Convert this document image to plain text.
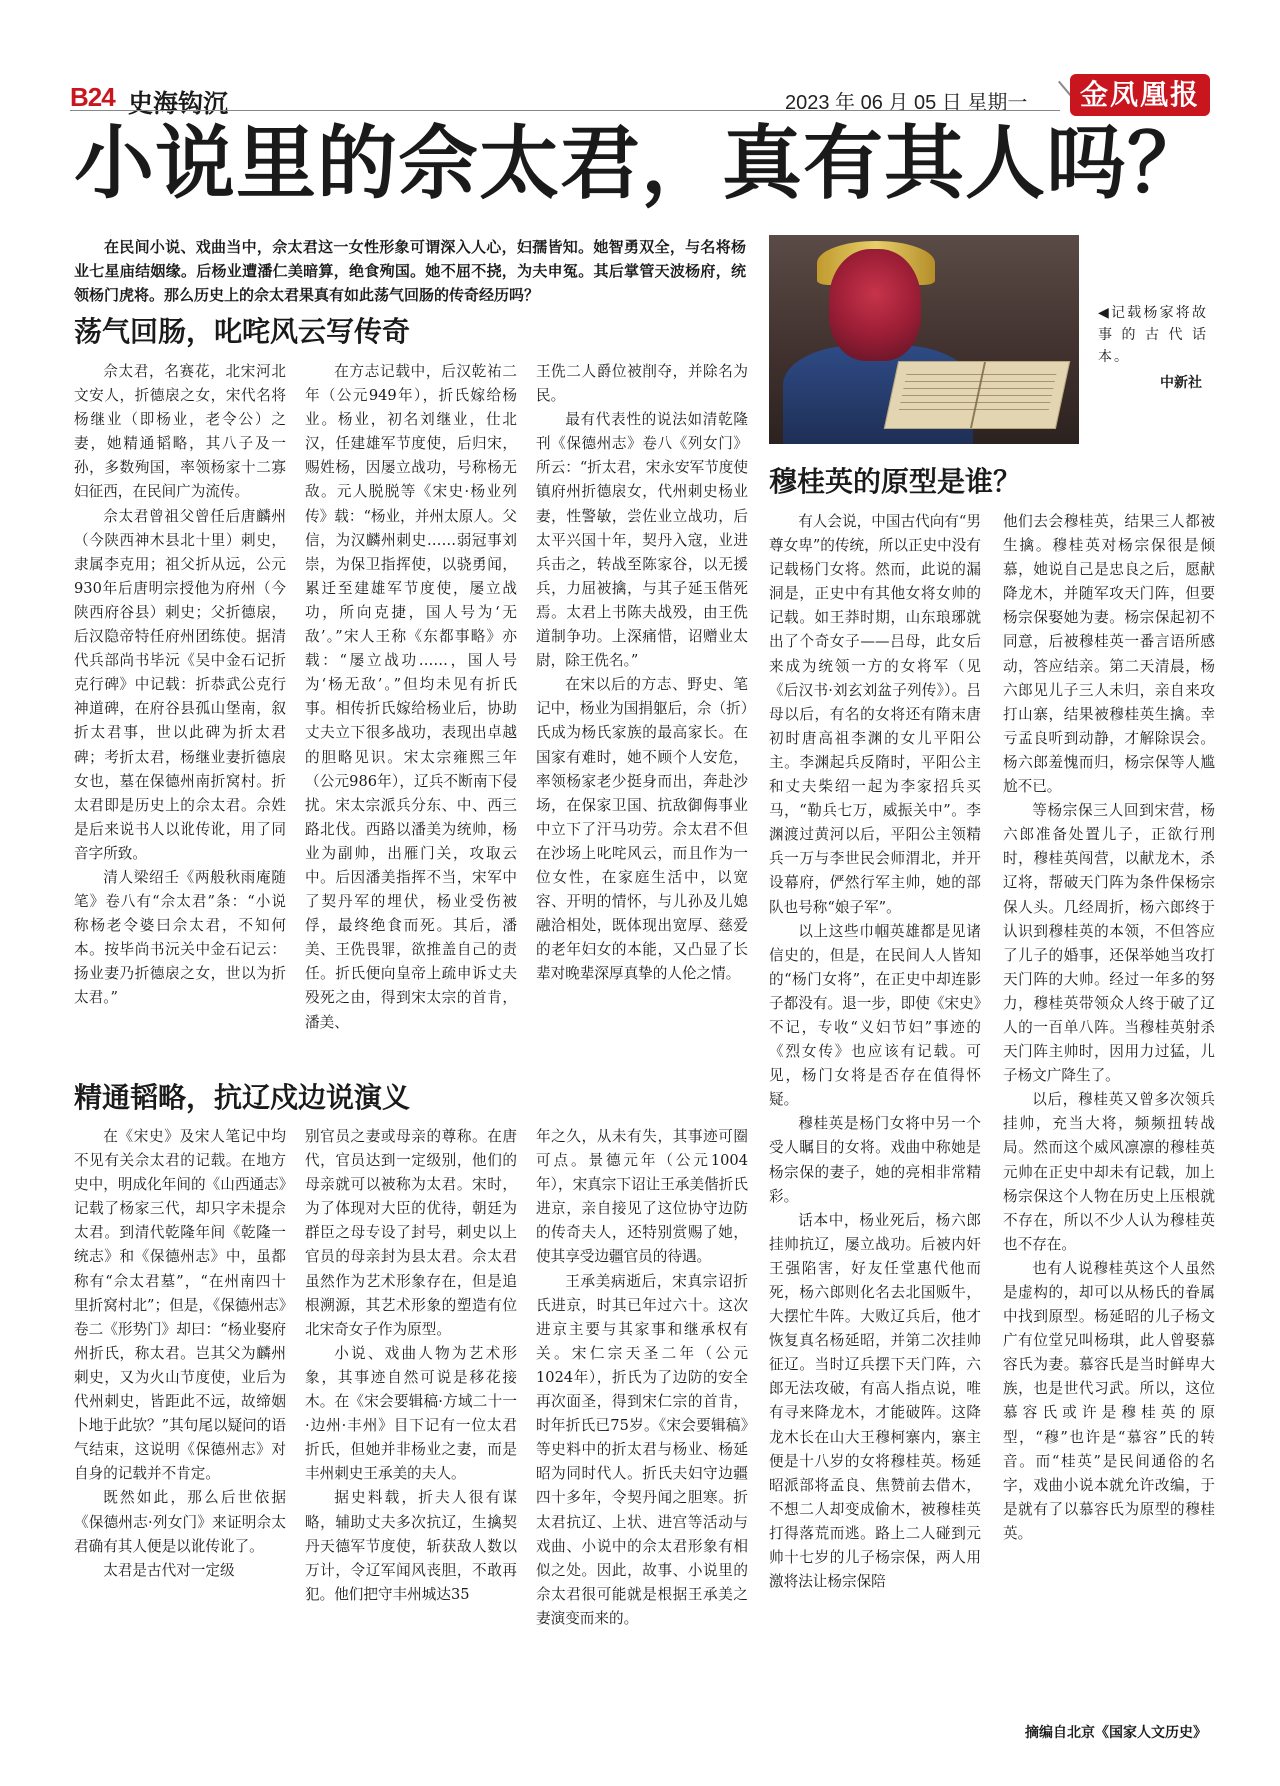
B24 史海钩沉	2023 年 06 月 05 日 星期一	金凤凰报
小说里的佘太君，真有其人吗？
在民间小说、戏曲当中，佘太君这一女性形象可谓深入人心，妇孺皆知。她智勇双全，与名将杨业七星庙结姻缘。后杨业遭潘仁美暗算，绝食殉国。她不屈不挠，为夫申冤。其后掌管天波杨府，统领杨门虎将。那么历史上的佘太君果真有如此荡气回肠的传奇经历吗？
荡气回肠，叱咤风云写传奇

佘太君，名赛花，北宋河北文安人，折德扆之女，宋代名将杨继业（即杨业，老令公）之妻，她精通韬略，其八子及一孙，多数殉国，率领杨家十二寡妇征西，在民间广为流传。

佘太君曾祖父曾任后唐麟州（今陕西神木县北十里）刺史，隶属李克用；祖父折从远，公元930年后唐明宗授他为府州（今陕西府谷县）刺史；父折德扆，后汉隐帝特任府州团练使。据清代兵部尚书毕沅《吴中金石记折克行碑》中记载：折恭武公克行神道碑，在府谷县孤山堡南，叙折太君事，世以此碑为折太君碑；考折太君，杨继业妻折德扆女也，墓在保德州南折窝村。折太君即是历史上的佘太君。佘姓是后来说书人以讹传讹，用了同音字所致。

清人梁绍壬《两般秋雨庵随笔》卷八有“佘太君”条：“小说称杨老令婆曰佘太君，不知何本。按毕尚书沅关中金石记云：扬业妻乃折德扆之女，世以为折太君。”

在方志记载中，后汉乾祐二年（公元949年），折氏嫁给杨业。杨业，初名刘继业，仕北汉，任建雄军节度使，后归宋，赐姓杨，因屡立战功，号称杨无敌。元人脱脱等《宋史·杨业列传》载：“杨业，并州太原人。父信，为汉麟州刺史……弱冠事刘崇，为保卫指挥使，以骁勇闻，累迁至建雄军节度使，屡立战功，所向克捷，国人号为‘无敌’。”宋人王称《东都事略》亦载：“屡立战功……，国人号为‘杨无敌’。”但均未见有折氏事。相传折氏嫁给杨业后，协助丈夫立下很多战功，表现出卓越的胆略见识。宋太宗雍熙三年（公元986年），辽兵不断南下侵扰。宋太宗派兵分东、中、西三路北伐。西路以潘美为统帅，杨业为副帅，出雁门关，攻取云中。后因潘美指挥不当，宋军中了契丹军的埋伏，杨业受伤被俘，最终绝食而死。其后，潘美、王侁畏罪，欲推盖自己的责任。折氏便向皇帝上疏申诉丈夫殁死之由，得到宋太宗的首肯，潘美、

王侁二人爵位被削夺，并除名为民。

最有代表性的说法如清乾隆刊《保德州志》卷八《列女门》所云：“折太君，宋永安军节度使镇府州折德扆女，代州刺史杨业妻，性警敏，尝佐业立战功，后太平兴国十年，契丹入寇，业进兵击之，转战至陈家谷，以无援兵，力屈被擒，与其子延玉偕死焉。太君上书陈夫战殁，由王侁道制争功。上深痛惜，诏赠业太尉，除王侁名。”

在宋以后的方志、野史、笔记中，杨业为国捐躯后，佘（折）氏成为杨氏家族的最高家长。在国家有难时，她不顾个人安危，率领杨家老少挺身而出，奔赴沙场，在保家卫国、抗敌御侮事业中立下了汗马功劳。佘太君不但在沙场上叱咤风云，而且作为一位女性，在家庭生活中，以宽容、开明的情怀，与儿孙及儿媳融洽相处，既体现出宽厚、慈爱的老年妇女的本能，又凸显了长辈对晚辈深厚真挚的人伦之情。

精通韬略，抗辽戍边说演义

在《宋史》及宋人笔记中均不见有关佘太君的记载。在地方史中，明成化年间的《山西通志》记载了杨家三代，却只字未提佘太君。到清代乾隆年间《乾隆一统志》和《保德州志》中，虽都称有“佘太君墓”，“在州南四十里折窝村北”；但是，《保德州志》卷二《形势门》却曰：“杨业娶府州折氏，称太君。岂其父为麟州刺史，又为火山节度使，业后为代州刺史，皆距此不远，故缔姻卜地于此欤？”其句尾以疑问的语气结束，这说明《保德州志》对自身的记载并不肯定。

既然如此，那么后世依据《保德州志·列女门》来证明佘太君确有其人便是以讹传讹了。

太君是古代对一定级

别官员之妻或母亲的尊称。在唐代，官员达到一定级别，他们的母亲就可以被称为太君。宋时，为了体现对大臣的优待，朝廷为群臣之母专设了封号，刺史以上官员的母亲封为县太君。佘太君虽然作为艺术形象存在，但是追根溯源，其艺术形象的塑造有位北宋奇女子作为原型。

小说、戏曲人物为艺术形象，其事迹自然可说是移花接木。在《宋会要辑稿·方域二十一·边州·丰州》目下记有一位太君折氏，但她并非杨业之妻，而是丰州刺史王承美的夫人。

据史料载，折夫人很有谋略，辅助丈夫多次抗辽，生擒契丹天德军节度使，斩获敌人数以万计，令辽军闻风丧胆，不敢再犯。他们把守丰州城达35

年之久，从未有失，其事迹可圈可点。景德元年（公元1004年），宋真宗下诏让王承美偕折氏进京，亲自接见了这位协守边防的传奇夫人，还特别赏赐了她，使其享受边疆官员的待遇。

王承美病逝后，宋真宗诏折氏进京，时其已年过六十。这次进京主要与其家事和继承权有关。宋仁宗天圣二年（公元1024年），折氏为了边防的安全再次面圣，得到宋仁宗的首肯，时年折氏已75岁。《宋会要辑稿》等史料中的折太君与杨业、杨延昭为同时代人。折氏夫妇守边疆四十多年，令契丹闻之胆寒。折太君抗辽、上状、进宫等活动与戏曲、小说中的佘太君形象有相似之处。因此，故事、小说里的佘太君很可能就是根据王承美之妻演变而来的。

◀记载杨家将故事的古代话本。
中新社
穆桂英的原型是谁？

有人会说，中国古代向有“男尊女卑”的传统，所以正史中没有记载杨门女将。然而，此说的漏洞是，正史中有其他女将女帅的记载。如王莽时期，山东琅琊就出了个奇女子——吕母，此女后来成为统领一方的女将军（见《后汉书·刘玄刘盆子列传》）。吕母以后，有名的女将还有隋末唐初时唐高祖李渊的女儿平阳公主。李渊起兵反隋时，平阳公主和丈夫柴绍一起为李家招兵买马，“勒兵七万，威振关中”。李渊渡过黄河以后，平阳公主领精兵一万与李世民会师渭北，并开设幕府，俨然行军主帅，她的部队也号称“娘子军”。

以上这些巾帼英雄都是见诸信史的，但是，在民间人人皆知的“杨门女将”，在正史中却连影子都没有。退一步，即使《宋史》不记，专收“义妇节妇”事迹的《烈女传》也应该有记载。可见，杨门女将是否存在值得怀疑。

穆桂英是杨门女将中另一个受人瞩目的女将。戏曲中称她是杨宗保的妻子，她的亮相非常精彩。

话本中，杨业死后，杨六郎挂帅抗辽，屡立战功。后被内奸王强陷害，好友任堂惠代他而死，杨六郎则化名去北国贩牛，大摆忙牛阵。大败辽兵后，他才恢复真名杨延昭，并第二次挂帅征辽。当时辽兵摆下天门阵，六郎无法攻破，有高人指点说，唯有寻来降龙木，才能破阵。这降龙木长在山大王穆柯寨内，寨主便是十八岁的女将穆桂英。杨延昭派部将孟良、焦赞前去借木，不想二人却变成偷木，被穆桂英打得落荒而逃。路上二人碰到元帅十七岁的儿子杨宗保，两人用激将法让杨宗保陪

他们去会穆桂英，结果三人都被生擒。穆桂英对杨宗保很是倾慕，她说自己是忠良之后，愿献降龙木，并随军攻天门阵，但要杨宗保娶她为妻。杨宗保起初不同意，后被穆桂英一番言语所感动，答应结亲。第二天清晨，杨六郎见儿子三人未归，亲自来攻打山寨，结果被穆桂英生擒。幸亏孟良听到动静，才解除误会。杨六郎羞愧而归，杨宗保等人尴尬不已。

等杨宗保三人回到宋营，杨六郎准备处置儿子，正欲行刑时，穆桂英闯营，以献龙木，杀辽将，帮破天门阵为条件保杨宗保人头。几经周折，杨六郎终于认识到穆桂英的本领，不但答应了儿子的婚事，还保举她当攻打天门阵的大帅。经过一年多的努力，穆桂英带领众人终于破了辽人的一百单八阵。当穆桂英射杀天门阵主帅时，因用力过猛，儿子杨文广降生了。

以后，穆桂英又曾多次领兵挂帅，充当大将，频频扭转战局。然而这个威风凛凛的穆桂英元帅在正史中却未有记载，加上杨宗保这个人物在历史上压根就不存在，所以不少人认为穆桂英也不存在。

也有人说穆桂英这个人虽然是虚构的，却可以从杨氏的眷属中找到原型。杨延昭的儿子杨文广有位堂兄叫杨琪，此人曾娶慕容氏为妻。慕容氏是当时鲜卑大族，也是世代习武。所以，这位慕容氏或许是穆桂英的原型，“穆”也许是“慕容”氏的转音。而“桂英”是民间通俗的名字，戏曲小说本就允许改编，于是就有了以慕容氏为原型的穆桂英。

摘编自北京《国家人文历史》
